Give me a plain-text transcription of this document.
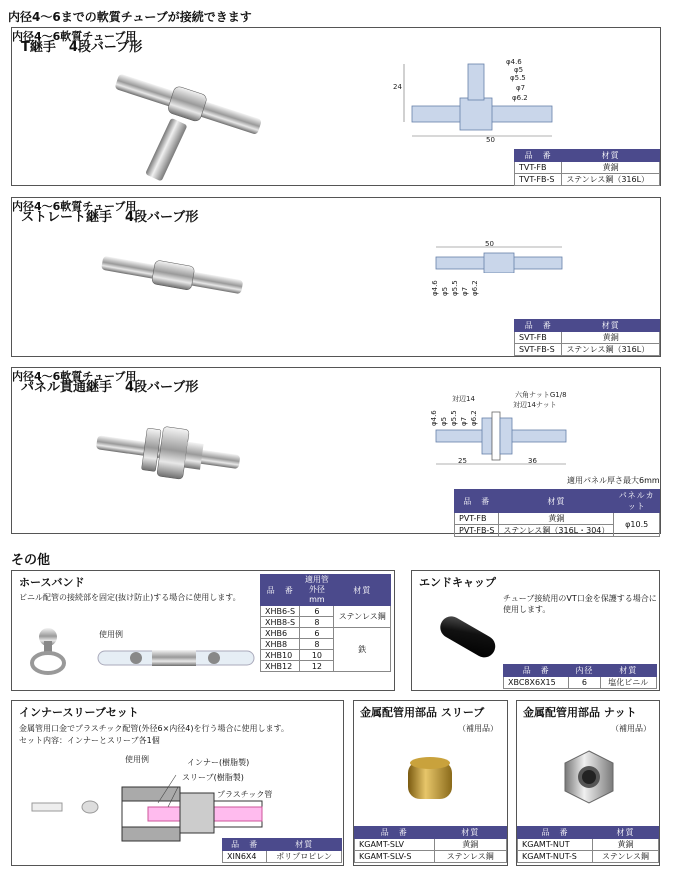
内径4～6までの軟質チューブが接続できます
T継手　4段バーブ形
内径4～6軟質チューブ用
φ4.6
φ5
φ5.5
φ7
φ6.2
24
50
品　番	材質
TVT-FB	黄銅
TVT-FB-S	ステンレス鋼（316L）
ストレート継手　4段バーブ形
内径4～6軟質チューブ用
50
φ4.6 φ5 φ5.5 φ7 φ6.2
品　番	材質
SVT-FB	黄銅
SVT-FB-S	ステンレス鋼（316L）
パネル貫通継手　4段バーブ形
内径4～6軟質チューブ用
六角ナットG1/8
対辺14
対辺14ナット
φ4.6 φ5 φ5.5 φ7 φ6.2
25	36
適用パネル厚さ最大6mm
品　番	材質	パネルカット
PVT-FB	黄銅	φ10.5
PVT-FB-S	ステンレス鋼（316L・304）	
その他
ホースバンド
ビニル配管の接続部を固定(抜け防止)する場合に使用します。
使用例
品　番	適用管外径mm	材質
XHB6-S	6	ステンレス鋼
XHB8-S	8	
XHB6	6	鉄
XHB8	8	
XHB10	10	
XHB12	12	
エンドキャップ
チューブ接続用のVT口金を保護する場合に使用します。
品　番	内径	材質
XBC8X6X15	6	塩化ビニル
インナースリーブセット
金属管用口金でプラスチック配管(外径6×内径4)を行う場合に使用します。
セット内容：インナーとスリーブ各1個
使用例	インナー(樹脂製)
スリーブ(樹脂製)
プラスチック管
品　番	材質
XIN6X4	ポリプロピレン
金属配管用部品 スリーブ
（補用品）
品　番	材質
KGAMT-SLV	黄銅
KGAMT-SLV-S	ステンレス鋼
金属配管用部品 ナット
（補用品）
品　番	材質
KGAMT-NUT	黄銅
KGAMT-NUT-S	ステンレス鋼
